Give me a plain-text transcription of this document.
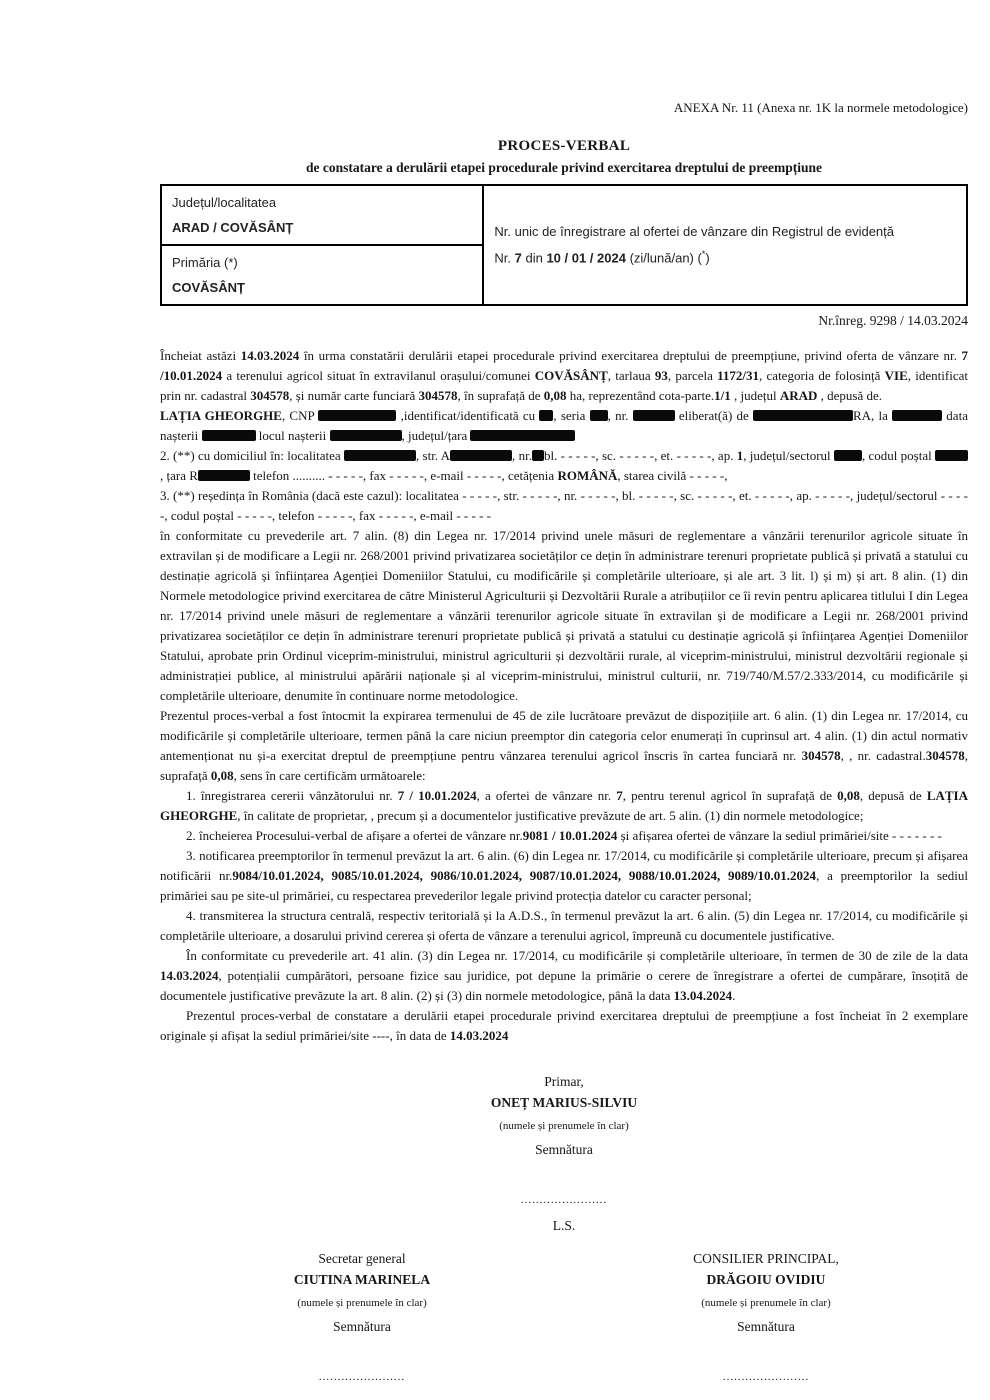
ANEXA Nr. 11 (Anexa nr. 1K la normele metodologice)
PROCES-VERBAL
de constatare a derulării etapei procedurale privind exercitarea dreptului de preempțiune
Județul/localitatea
ARAD / COVĂSÂNȚ	Nr. unic de înregistrare al ofertei de vânzare din Registrul de evidență
Nr. 7 din 10 / 01 / 2024 (zi/lună/an) (*)

Primăria (*)
COVĂSÂNȚ
Nr.înreg. 9298 / 14.03.2024

Încheiat astăzi 14.03.2024 în urma constatării derulării etapei procedurale privind exercitarea dreptului de preempțiune, privind oferta de vânzare nr. 7 /10.01.2024 a terenului agricol situat în extravilanul orașului/comunei COVĂSÂNȚ, tarlaua 93, parcela 1172/31, categoria de folosință VIE, identificat prin nr. cadastral 304578, și număr carte funciară 304578, în suprafață de 0,08 ha, reprezentând cota-parte.1/1 , județul ARAD , depusă de.

LAȚIA GHEORGHE, CNP	,identificat/identificată cu , seria , nr.	eliberat(ă) de	RA, la	data nașterii	locul nașterii	, județul/țara

2. (**) cu domiciliul în: localitatea	, str. A	, nr. bl. - - - - -, sc. - - - - -, et. - - - - -, ap. 1, județul/sectorul , codul poștal , țara R	telefon .......... - - - - -, fax - - - - -, e-mail - - - - -, cetățenia ROMÂNĂ, starea civilă - - - - -,

3. (**) reședința în România (dacă este cazul): localitatea - - - - -, str. - - - - -, nr. - - - - -, bl. - - - - -, sc. - - - - -, et. - - - - -, ap. - - - - -, județul/sectorul - - - - -, codul poștal - - - - -, telefon - - - - -, fax - - - - -, e-mail - - - - -

în conformitate cu prevederile art. 7 alin. (8) din Legea nr. 17/2014 privind unele măsuri de reglementare a vânzării terenurilor agricole situate în extravilan și de modificare a Legii nr. 268/2001 privind privatizarea societăților ce dețin în administrare terenuri proprietate publică și privată a statului cu destinație agricolă și înființarea Agenției Domeniilor Statului, cu modificările și completările ulterioare, și ale art. 3 lit. l) și m) și art. 8 alin. (1) din Normele metodologice privind exercitarea de către Ministerul Agriculturii și Dezvoltării Rurale a atribuțiilor ce îi revin pentru aplicarea titlului I din Legea nr. 17/2014 privind unele măsuri de reglementare a vânzării terenurilor agricole situate în extravilan și de modificare a Legii nr. 268/2001 privind privatizarea societăților ce dețin în administrare terenuri proprietate publică și privată a statului cu destinație agricolă și înființarea Agenției Domeniilor Statului, aprobate prin Ordinul viceprim-ministrului, ministrul agriculturii și dezvoltării rurale, al viceprim-ministrului, ministrul dezvoltării regionale și administrației publice, al ministrului apărării naționale și al viceprim-ministrului, ministrul culturii, nr. 719/740/M.57/2.333/2014, cu modificările și completările ulterioare, denumite în continuare norme metodologice.

Prezentul proces-verbal a fost întocmit la expirarea termenului de 45 de zile lucrătoare prevăzut de dispozițiile art. 6 alin. (1) din Legea nr. 17/2014, cu modificările și completările ulterioare, termen până la care niciun preemptor din categoria celor enumerați în cuprinsul art. 4 alin. (1) din actul normativ antemenționat nu și-a exercitat dreptul de preempțiune pentru vânzarea terenului agricol înscris în cartea funciară nr. 304578, , nr. cadastral.304578, suprafață 0,08, sens în care certificăm următoarele:

1. înregistrarea cererii vânzătorului nr. 7 / 10.01.2024, a ofertei de vânzare nr. 7, pentru terenul agricol în suprafață de 0,08, depusă de LAȚIA GHEORGHE, în calitate de proprietar, , precum și a documentelor justificative prevăzute de art. 5 alin. (1) din normele metodologice;

2. încheierea Procesului-verbal de afișare a ofertei de vânzare nr.9081 / 10.01.2024 și afișarea ofertei de vânzare la sediul primăriei/site - - - - - - -

3. notificarea preemptorilor în termenul prevăzut la art. 6 alin. (6) din Legea nr. 17/2014, cu modificările și completările ulterioare, precum și afișarea notificării nr.9084/10.01.2024, 9085/10.01.2024, 9086/10.01.2024, 9087/10.01.2024, 9088/10.01.2024, 9089/10.01.2024, a preemptorilor la sediul primăriei sau pe site-ul primăriei, cu respectarea prevederilor legale privind protecția datelor cu caracter personal;

4. transmiterea la structura centrală, respectiv teritorială și la A.D.S., în termenul prevăzut la art. 6 alin. (5) din Legea nr. 17/2014, cu modificările și completările ulterioare, a dosarului privind cererea și oferta de vânzare a terenului agricol, împreună cu documentele justificative.

În conformitate cu prevederile art. 41 alin. (3) din Legea nr. 17/2014, cu modificările și completările ulterioare, în termen de 30 de zile de la data 14.03.2024, potențialii cumpărători, persoane fizice sau juridice, pot depune la primărie o cerere de înregistrare a ofertei de cumpărare, însoțită de documentele justificative prevăzute la art. 8 alin. (2) și (3) din normele metodologice, până la data 13.04.2024.

Prezentul proces-verbal de constatare a derulării etapei procedurale privind exercitarea dreptului de preempțiune a fost încheiat în 2 exemplare originale și afișat la sediul primăriei/site ----, în data de 14.03.2024

Primar,
ONEȚ MARIUS-SILVIU
(numele și prenumele în clar)
Semnătura
.......................
L.S.
Secretar general
CIUTINA MARINELA
(numele și prenumele în clar)
Semnătura
.......................
CONSILIER PRINCIPAL,
DRĂGOIU OVIDIU
(numele și prenumele în clar)
Semnătura
.......................
